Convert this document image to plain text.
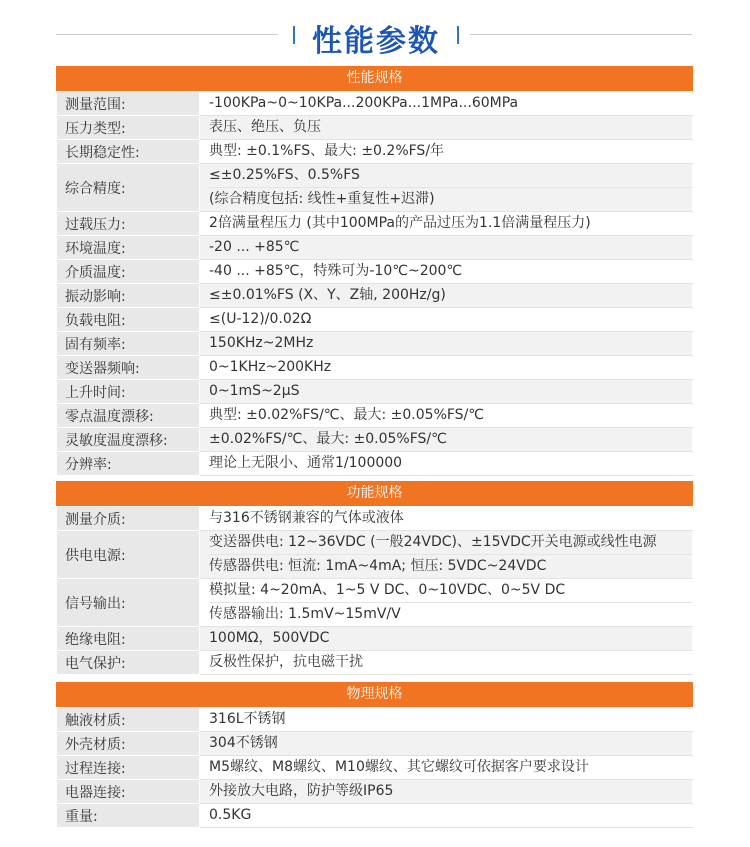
性能参数
性能规格
测量范围:	-100KPa~0~10KPa...200KPa...1MPa...60MPa

压力类型:	表压、绝压、负压

长期稳定性:	典型: ±0.1%FS、最大: ±0.2%FS/年

综合精度:	≤±0.25%FS、0.5%FS
(综合精度包括: 线性+重复性+迟滞)

过载压力:	2倍满量程压力 (其中100MPa的产品过压为1.1倍满量程压力)

环境温度:	-20 ... +85℃

介质温度:	-40 ... +85℃，特殊可为-10℃~200℃

振动影响:	≤±0.01%FS (X、Y、Z轴, 200Hz/g)

负载电阻:	≤(U-12)/0.02Ω

固有频率:	150KHz~2MHz

变送器频响:	0~1KHz~200KHz

上升时间:	0~1mS~2μS

零点温度漂移:	典型: ±0.02%FS/℃、最大: ±0.05%FS/℃

灵敏度温度漂移:	±0.02%FS/℃、最大: ±0.05%FS/℃

分辨率:	理论上无限小、通常1/100000
功能规格
测量介质:	与316不锈钢兼容的气体或液体

供电电源:	变送器供电: 12~36VDC (一般24VDC)、±15VDC开关电源或线性电源
传感器供电: 恒流: 1mA~4mA; 恒压: 5VDC~24VDC

信号输出:	模拟量: 4~20mA、1~5 V DC、0~10VDC、0~5V DC
传感器输出: 1.5mV~15mV/V

绝缘电阻:	100MΩ，500VDC

电气保护:	反极性保护，抗电磁干扰
物理规格
触液材质:	316L不锈钢

外壳材质:	304不锈钢

过程连接:	M5螺纹、M8螺纹、M10螺纹、其它螺纹可依据客户要求设计

电器连接:	外接放大电路，防护等级IP65

重量:	0.5KG
